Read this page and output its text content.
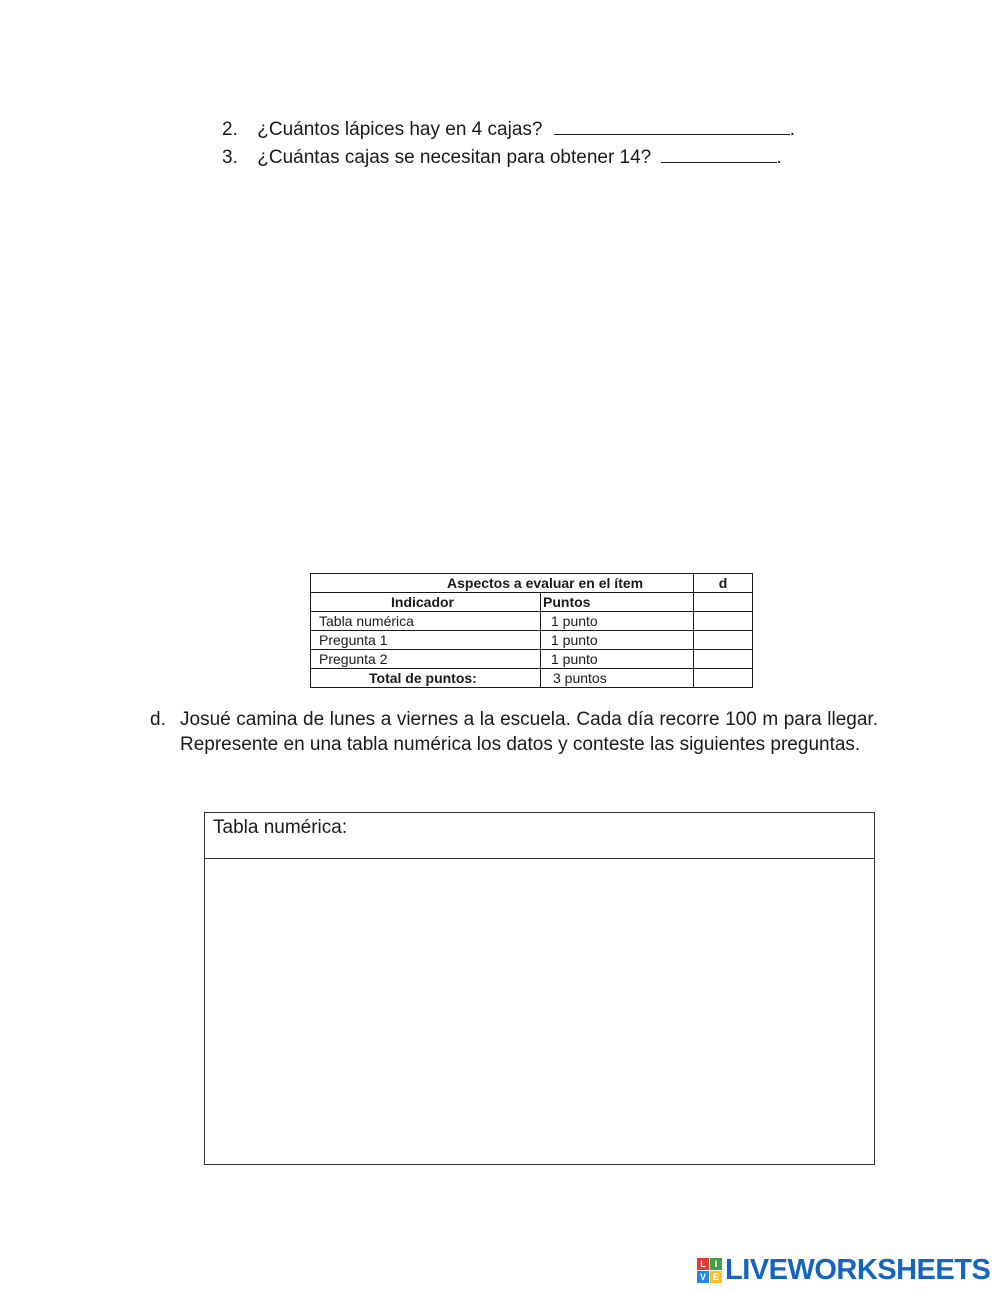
2. ¿Cuántos lápices hay en 4 cajas?	.
3. ¿Cuántas cajas se necesitan para obtener 14?	.
Aspectos a evaluar en el ítem		d
Indicador	Puntos	
Tabla numérica	1 punto	
Pregunta 1	1 punto	
Pregunta 2	1 punto	
Total de puntos:	3 puntos	
d. Josué camina de lunes a viernes a la escuela. Cada día recorre 100 m para llegar. Represente en una tabla numérica los datos y conteste las siguientes preguntas.
Tabla numérica:
L I
V E LIVEWORKSHEETS
